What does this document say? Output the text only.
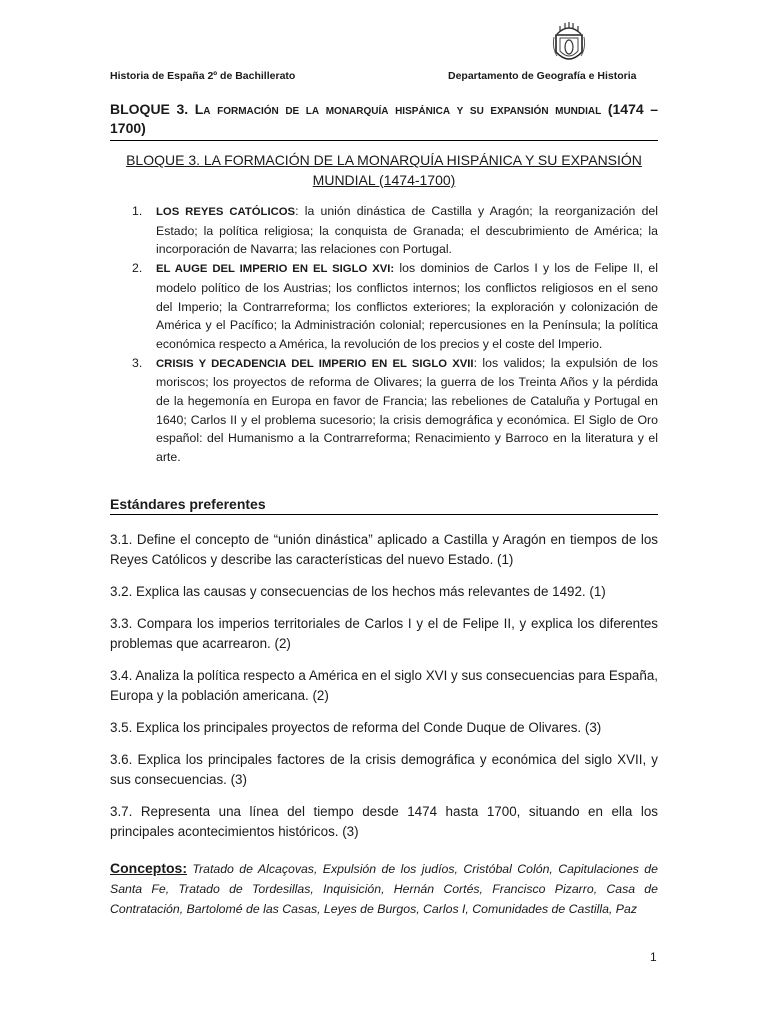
Historia de España 2º de Bachillerato	Departamento de Geografía e Historia
BLOQUE 3. La formación de la monarquía hispánica y su expansión mundial (1474 – 1700)
BLOQUE 3. LA FORMACIÓN DE LA MONARQUÍA HISPÁNICA Y SU EXPANSIÓN MUNDIAL (1474-1700)
1. LOS REYES CATÓLICOS: la unión dinástica de Castilla y Aragón; la reorganización del Estado; la política religiosa; la conquista de Granada; el descubrimiento de América; la incorporación de Navarra; las relaciones con Portugal.
2. EL AUGE DEL IMPERIO EN EL SIGLO XVI: los dominios de Carlos I y los de Felipe II, el modelo político de los Austrias; los conflictos internos; los conflictos religiosos en el seno del Imperio; la Contrarreforma; los conflictos exteriores; la exploración y colonización de América y el Pacífico; la Administración colonial; repercusiones en la Península; la política económica respecto a América, la revolución de los precios y el coste del Imperio.
3. CRISIS Y DECADENCIA DEL IMPERIO EN EL SIGLO XVII: los validos; la expulsión de los moriscos; los proyectos de reforma de Olivares; la guerra de los Treinta Años y la pérdida de la hegemonía en Europa en favor de Francia; las rebeliones de Cataluña y Portugal en 1640; Carlos II y el problema sucesorio; la crisis demográfica y económica. El Siglo de Oro español: del Humanismo a la Contrarreforma; Renacimiento y Barroco en la literatura y el arte.
Estándares preferentes

3.1. Define el concepto de “unión dinástica” aplicado a Castilla y Aragón en tiempos de los Reyes Católicos y describe las características del nuevo Estado. (1)

3.2. Explica las causas y consecuencias de los hechos más relevantes de 1492. (1)

3.3. Compara los imperios territoriales de Carlos I y el de Felipe II, y explica los diferentes problemas que acarrearon. (2)

3.4. Analiza la política respecto a América en el siglo XVI y sus consecuencias para España, Europa y la población americana. (2)

3.5. Explica los principales proyectos de reforma del Conde Duque de Olivares. (3)

3.6. Explica los principales factores de la crisis demográfica y económica del siglo XVII, y sus consecuencias. (3)

3.7. Representa una línea del tiempo desde 1474 hasta 1700, situando en ella los principales acontecimientos históricos. (3)

Conceptos: Tratado de Alcaçovas, Expulsión de los judíos, Cristóbal Colón, Capitulaciones de Santa Fe, Tratado de Tordesillas, Inquisición, Hernán Cortés, Francisco Pizarro, Casa de Contratación, Bartolomé de las Casas, Leyes de Burgos, Carlos I, Comunidades de Castilla, Paz
1
